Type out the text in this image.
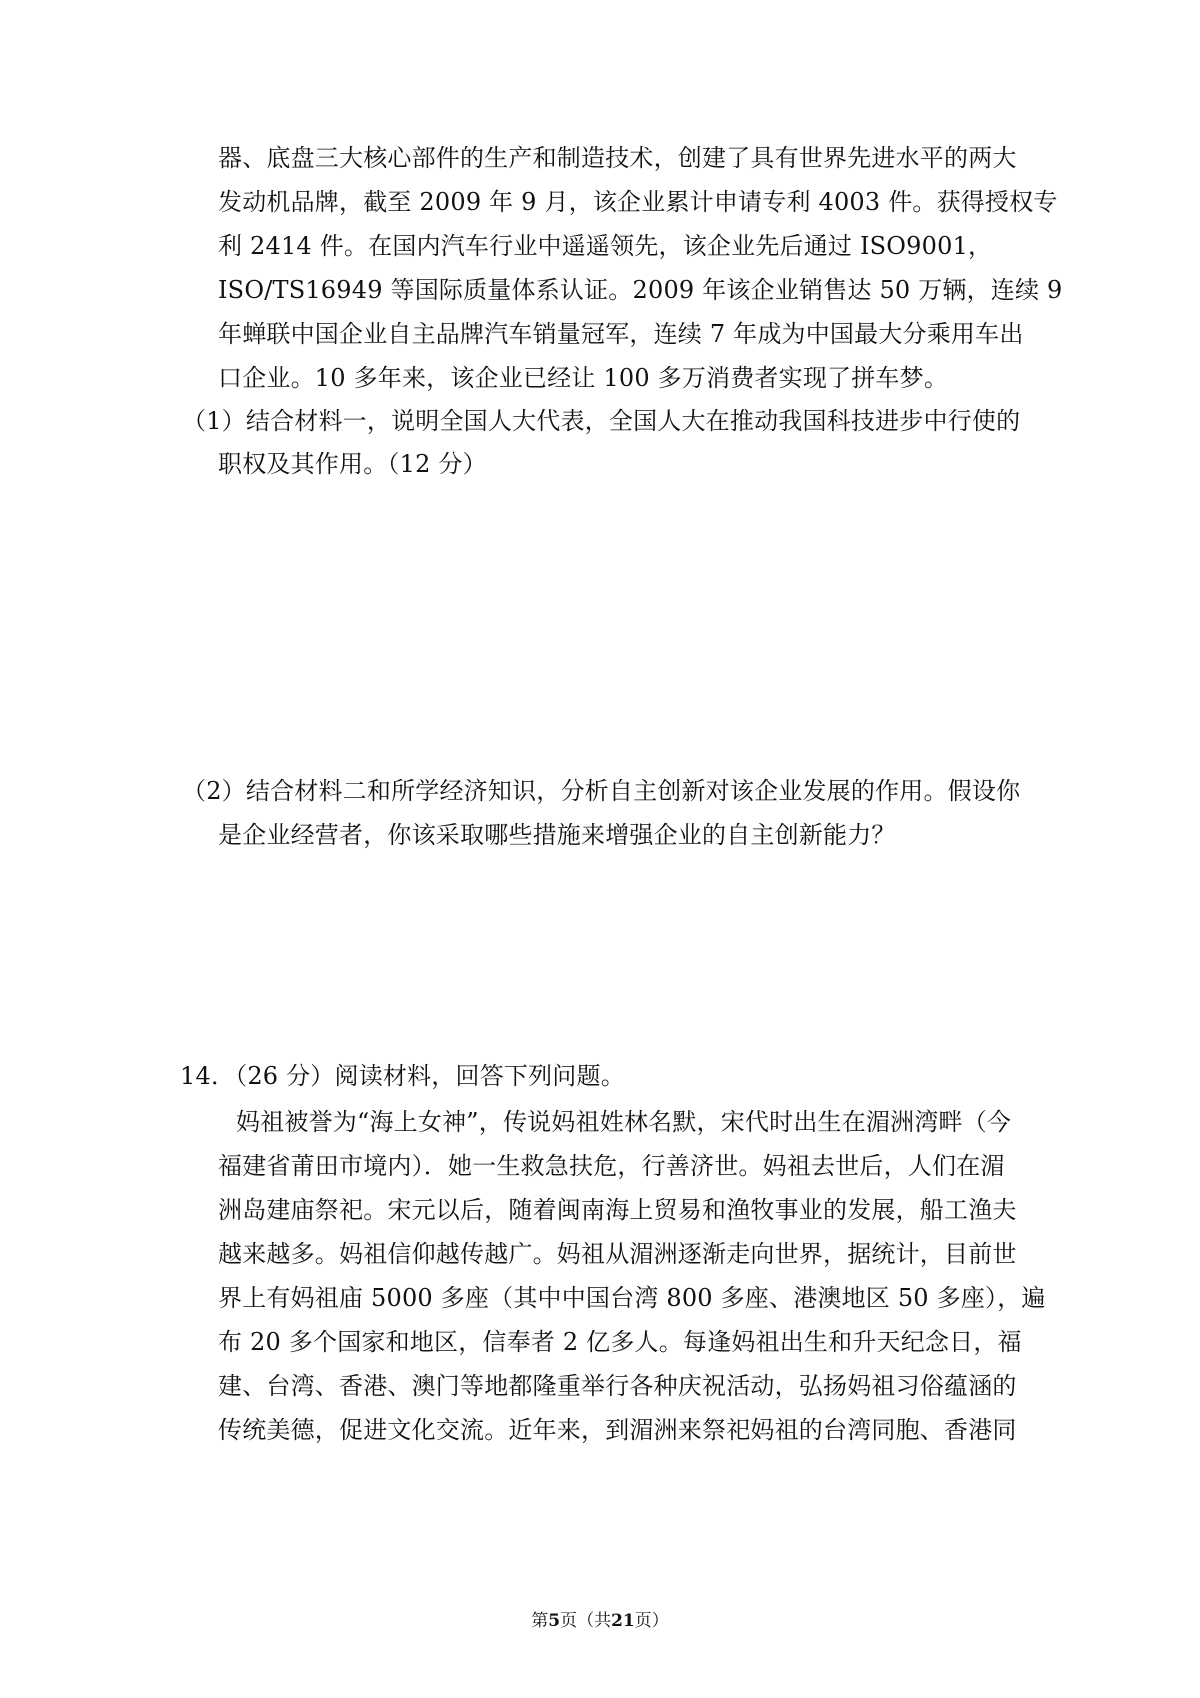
器、底盘三大核心部件的生产和制造技术，创建了具有世界先进水平的两大
发动机品牌，截至 2009 年 9 月，该企业累计申请专利 4003 件。获得授权专
利 2414 件。在国内汽车行业中遥遥领先，该企业先后通过 ISO9001，
ISO/TS16949 等国际质量体系认证。2009 年该企业销售达 50 万辆，连续 9
年蝉联中国企业自主品牌汽车销量冠军，连续 7 年成为中国最大分乘用车出
口企业。10 多年来，该企业已经让 100 多万消费者实现了拼车梦。
（1）结合材料一，说明全国人大代表，全国人大在推动我国科技进步中行使的
职权及其作用。（12 分）
（2）结合材料二和所学经济知识，分析自主创新对该企业发展的作用。假设你
是企业经营者，你该采取哪些措施来增强企业的自主创新能力？
14．（26 分）阅读材料，回答下列问题。
妈祖被誉为“海上女神”，传说妈祖姓林名默，宋代时出生在湄洲湾畔（今
福建省莆田市境内）．她一生救急扶危，行善济世。妈祖去世后，人们在湄
洲岛建庙祭祀。宋元以后，随着闽南海上贸易和渔牧事业的发展，船工渔夫
越来越多。妈祖信仰越传越广。妈祖从湄洲逐渐走向世界，据统计，目前世
界上有妈祖庙 5000 多座（其中中国台湾 800 多座、港澳地区 50 多座），遍
布 20 多个国家和地区，信奉者 2 亿多人。每逢妈祖出生和升天纪念日，福
建、台湾、香港、澳门等地都隆重举行各种庆祝活动，弘扬妈祖习俗蕴涵的
传统美德，促进文化交流。近年来，到湄洲来祭祀妈祖的台湾同胞、香港同
第5页（共21页）
